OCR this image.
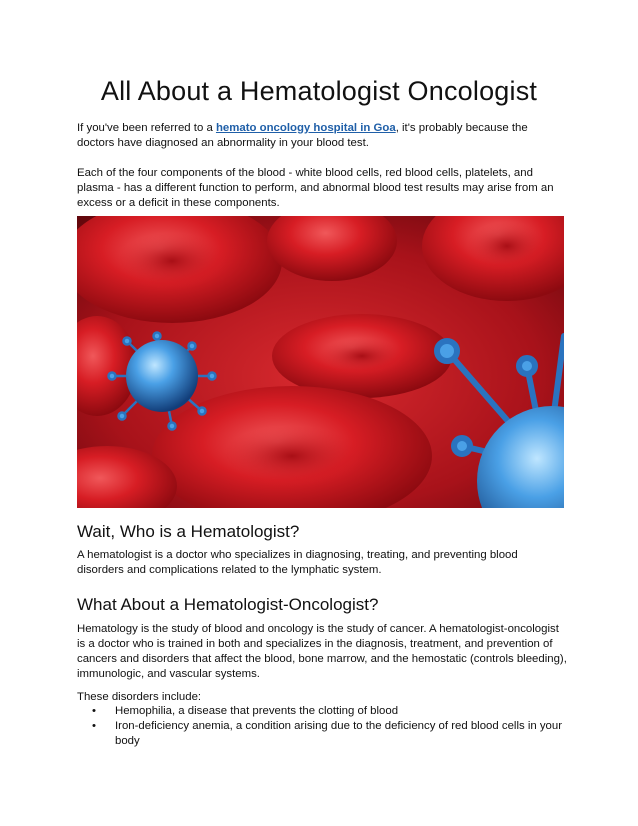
All About a Hematologist Oncologist

If you've been referred to a hemato oncology hospital in Goa, it's probably because the doctors have diagnosed an abnormality in your blood test.

Each of the four components of the blood - white blood cells, red blood cells, platelets, and plasma - has a different function to perform, and abnormal blood test results may arise from an excess or a deficit in these components.

Wait, Who is a Hematologist?

A hematologist is a doctor who specializes in diagnosing, treating, and preventing blood disorders and complications related to the lymphatic system.

What About a Hematologist-Oncologist?

Hematology is the study of blood and oncology is the study of cancer. A hematologist-oncologist is a doctor who is trained in both and specializes in the diagnosis, treatment, and prevention of cancers and disorders that affect the blood, bone marrow, and the hemostatic (controls bleeding), immunologic, and vascular systems.

These disorders include:

• Hemophilia, a disease that prevents the clotting of blood
• Iron-deficiency anemia, a condition arising due to the deficiency of red blood cells in your body
